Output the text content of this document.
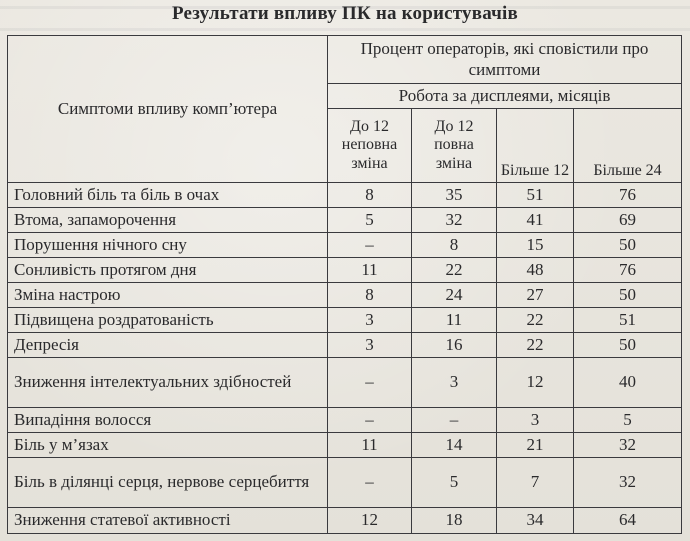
Результати впливу ПК на користувачів
Симптоми впливу комп’ютера	Процент операторів, які сповістили про симптоми			
	Робота за дисплеями, місяців			
	До 12 неповна зміна	До 12 повна зміна	Більше 12	Більше 24
Головний біль та біль в очах	8	35	51	76
Втома, запаморочення	5	32	41	69
Порушення нічного сну	–	8	15	50
Сонливість протягом дня	11	22	48	76
Зміна настрою	8	24	27	50
Підвищена роздратованість	3	11	22	51
Депресія	3	16	22	50
Зниження інтелектуальних здібностей	–	3	12	40
Випадіння волосся	–	–	3	5
Біль у м’язах	11	14	21	32
Біль в ділянці серця, нервове серцебиття	–	5	7	32
Зниження статевої активності	12	18	34	64
